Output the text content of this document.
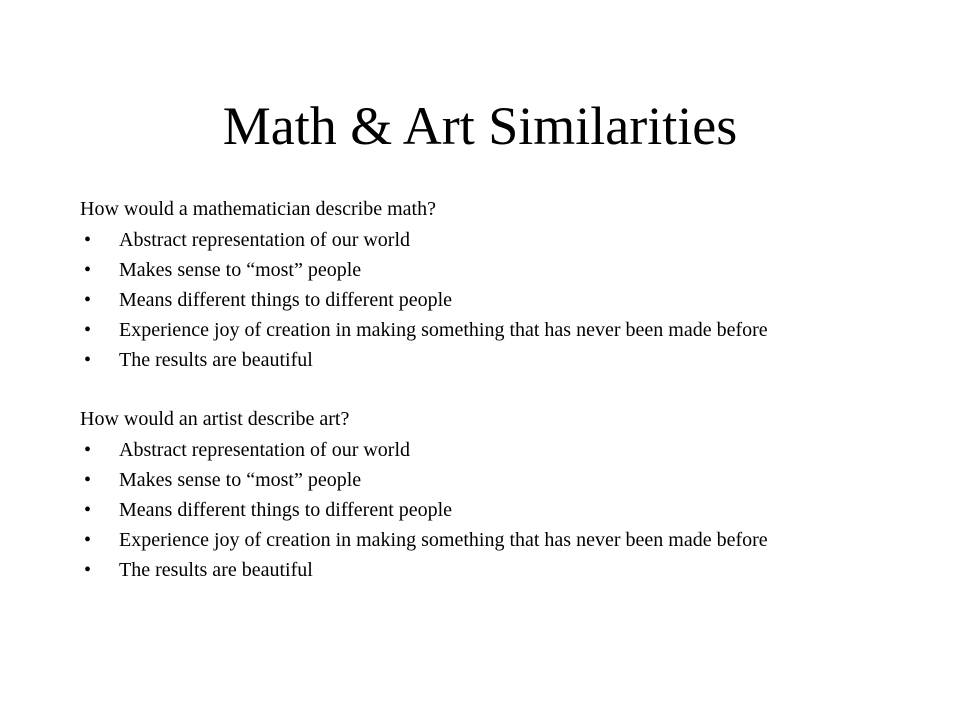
Math & Art Similarities

How would a mathematician describe math?

• Abstract representation of our world
• Makes sense to “most” people
• Means different things to different people
• Experience joy of creation in making something that has never been made before
• The results are beautiful

How would an artist describe art?

• Abstract representation of our world
• Makes sense to “most” people
• Means different things to different people
• Experience joy of creation in making something that has never been made before
• The results are beautiful
